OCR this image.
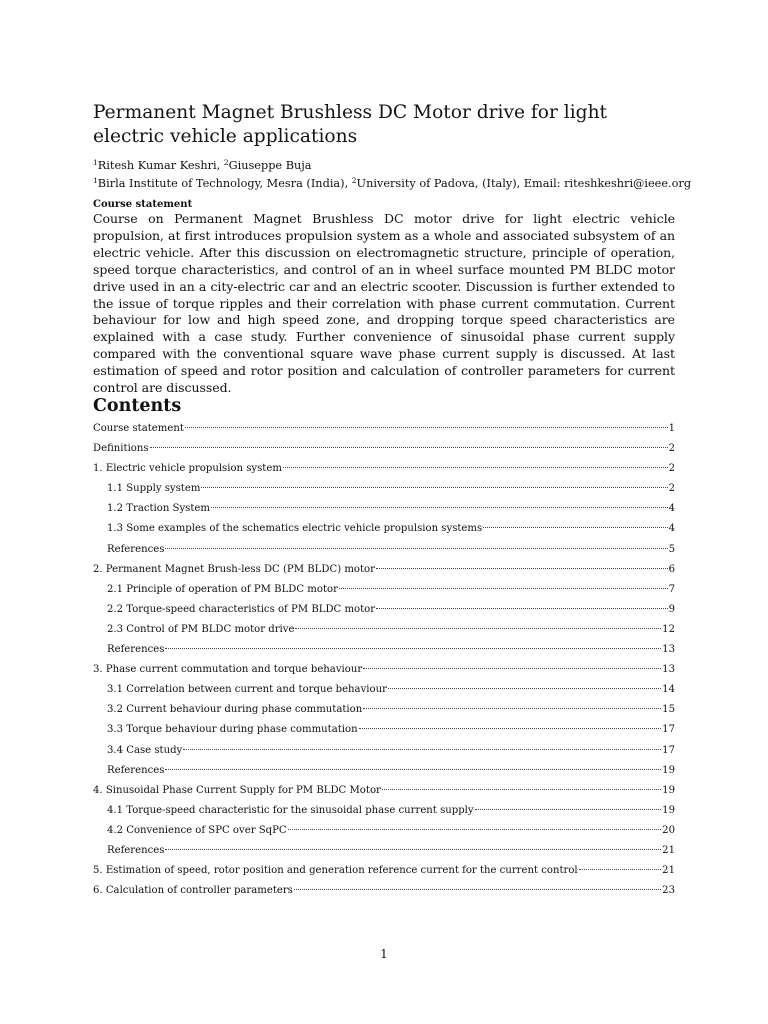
Permanent Magnet Brushless DC Motor drive for light electric vehicle applications
$^1$Ritesh Kumar Keshri, $^2$Giuseppe Buja
$^1$Birla Institute of Technology, Mesra (India), $^2$University of Padova, (Italy), Email: riteshkeshri@ieee.org
Course statement

Course on Permanent Magnet Brushless DC motor drive for light electric vehicle propulsion, at first introduces propulsion system as a whole and associated subsystem of an electric vehicle. After this discussion on electromagnetic structure, principle of operation, speed torque characteristics, and control of an in wheel surface mounted PM BLDC motor drive used in an a city-electric car and an electric scooter. Discussion is further extended to the issue of torque ripples and their correlation with phase current commutation. Current behaviour for low and high speed zone, and dropping torque speed characteristics are explained with a case study. Further convenience of sinusoidal phase current supply compared with the conventional square wave phase current supply is discussed. At last estimation of speed and rotor position and calculation of controller parameters for current control are discussed.

Contents
Course statement	1
Definitions	2
1. Electric vehicle propulsion system	2
1.1 Supply system	2
1.2 Traction System	4
1.3 Some examples of the schematics electric vehicle propulsion systems	4
References	5
2. Permanent Magnet Brush-less DC (PM BLDC) motor	6
2.1 Principle of operation of PM BLDC motor	7
2.2 Torque-speed characteristics of PM BLDC motor	9
2.3 Control of PM BLDC motor drive	12
References	13
3. Phase current commutation and torque behaviour	13
3.1 Correlation between current and torque behaviour	14
3.2 Current behaviour during phase commutation	15
3.3 Torque behaviour during phase commutation	17
3.4 Case study	17
References	19
4. Sinusoidal Phase Current Supply for PM BLDC Motor	19
4.1 Torque-speed characteristic for the sinusoidal phase current supply	19
4.2 Convenience of SPC over SqPC	20
References	21
5. Estimation of speed, rotor position and generation reference current for the current control	21
6. Calculation of controller parameters	23
1
